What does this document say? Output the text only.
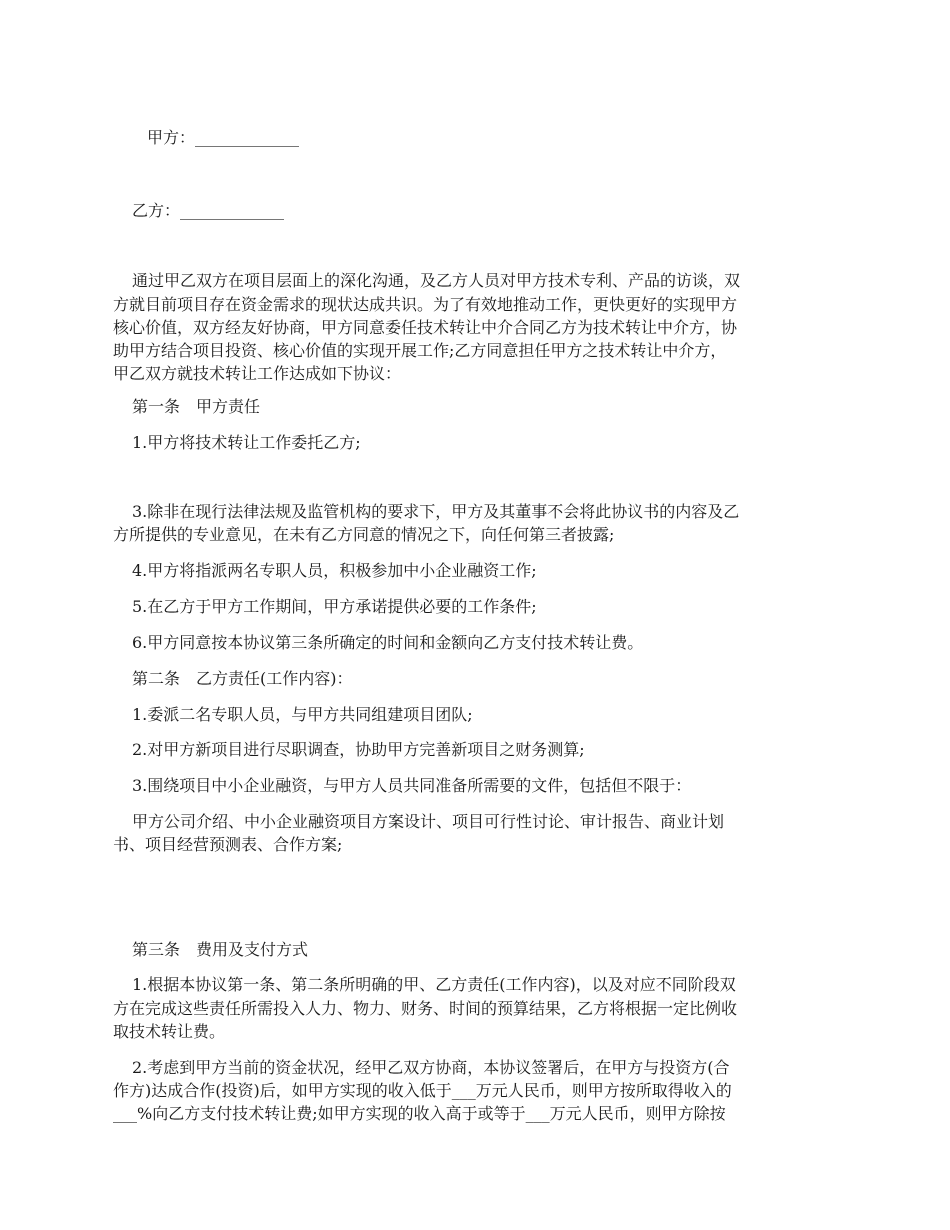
甲方：_____________
乙方：_____________
通过甲乙双方在项目层面上的深化沟通，及乙方人员对甲方技术专利、产品的访谈，双
方就目前项目存在资金需求的现状达成共识。为了有效地推动工作，更快更好的实现甲方
核心价值，双方经友好协商，甲方同意委任技术转让中介合同乙方为技术转让中介方，协
助甲方结合项目投资、核心价值的实现开展工作;乙方同意担任甲方之技术转让中介方，
甲乙双方就技术转让工作达成如下协议：
第一条　甲方责任
1.甲方将技术转让工作委托乙方;
3.除非在现行法律法规及监管机构的要求下，甲方及其董事不会将此协议书的内容及乙
方所提供的专业意见，在未有乙方同意的情况之下，向任何第三者披露;
4.甲方将指派两名专职人员，积极参加中小企业融资工作;
5.在乙方于甲方工作期间，甲方承诺提供必要的工作条件;
6.甲方同意按本协议第三条所确定的时间和金额向乙方支付技术转让费。
第二条　乙方责任(工作内容)：
1.委派二名专职人员，与甲方共同组建项目团队;
2.对甲方新项目进行尽职调查，协助甲方完善新项目之财务测算;
3.围绕项目中小企业融资，与甲方人员共同准备所需要的文件，包括但不限于：
甲方公司介绍、中小企业融资项目方案设计、项目可行性讨论、审计报告、商业计划
书、项目经营预测表、合作方案;
第三条　费用及支付方式
1.根据本协议第一条、第二条所明确的甲、乙方责任(工作内容)，以及对应不同阶段双
方在完成这些责任所需投入人力、物力、财务、时间的预算结果，乙方将根据一定比例收
取技术转让费。
2.考虑到甲方当前的资金状况，经甲乙双方协商，本协议签署后，在甲方与投资方(合
作方)达成合作(投资)后，如甲方实现的收入低于___万元人民币，则甲方按所取得收入的
___%向乙方支付技术转让费;如甲方实现的收入高于或等于___万元人民币，则甲方除按
